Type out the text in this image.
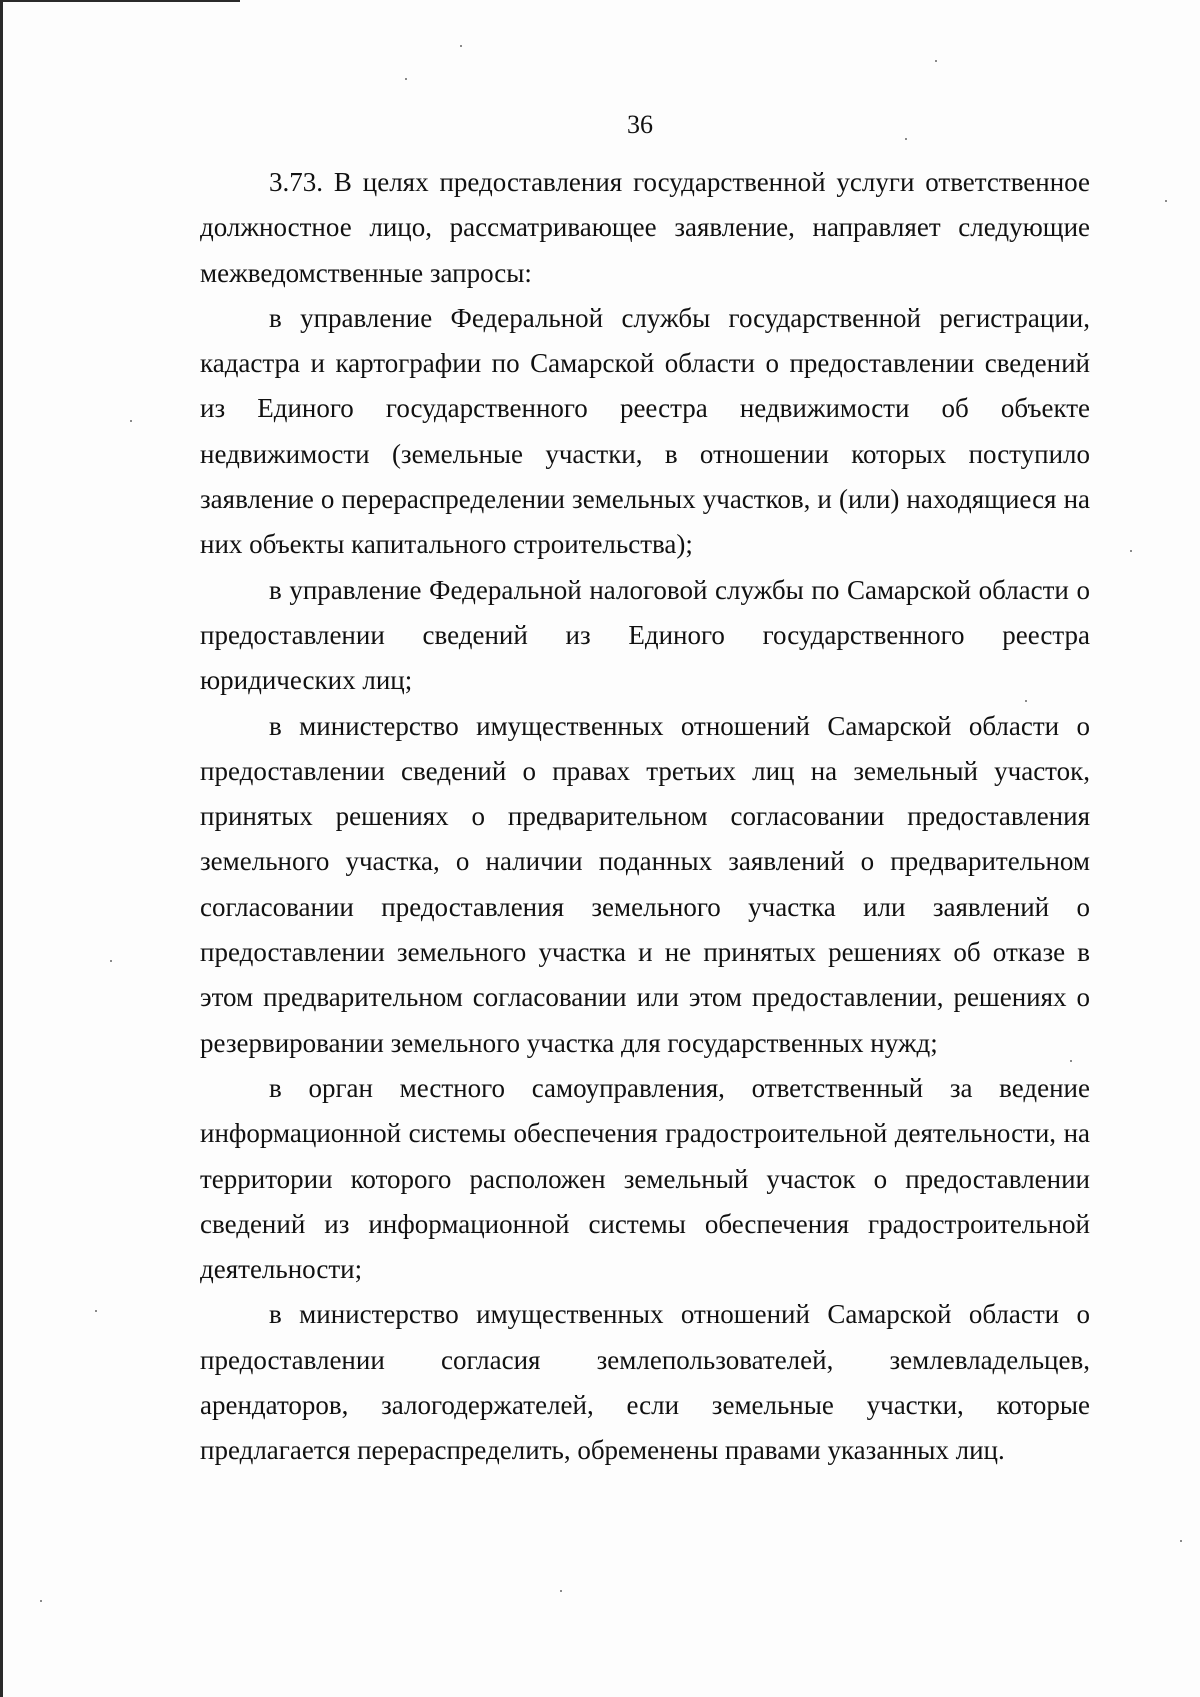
36

3.73. В целях предоставления государственной услуги ответственное должностное лицо, рассматривающее заявление, направляет следующие межведомственные запросы:

в управление Федеральной службы государственной регистрации, кадастра и картографии по Самарской области о предоставлении сведений из Единого государственного реестра недвижимости об объекте недвижимости (земельные участки, в отношении которых поступило заявление о перераспределении земельных участков, и (или) находящиеся на них объекты капитального строительства);

в управление Федеральной налоговой службы по Самарской области о предоставлении сведений из Единого государственного реестра юридических лиц;

в министерство имущественных отношений Самарской области о предоставлении сведений о правах третьих лиц на земельный участок, принятых решениях о предварительном согласовании предоставления земельного участка, о наличии поданных заявлений о предварительном согласовании предоставления земельного участка или заявлений о предоставлении земельного участка и не принятых решениях об отказе в этом предварительном согласовании или этом предоставлении, решениях о резервировании земельного участка для государственных нужд;

в орган местного самоуправления, ответственный за ведение информационной системы обеспечения градостроительной деятельности, на территории которого расположен земельный участок о предоставлении сведений из информационной системы обеспечения градостроительной деятельности;

в министерство имущественных отношений Самарской области о предоставлении согласия землепользователей, землевладельцев, арендаторов, залогодержателей, если земельные участки, которые предлагается перераспределить, обременены правами указанных лиц.
